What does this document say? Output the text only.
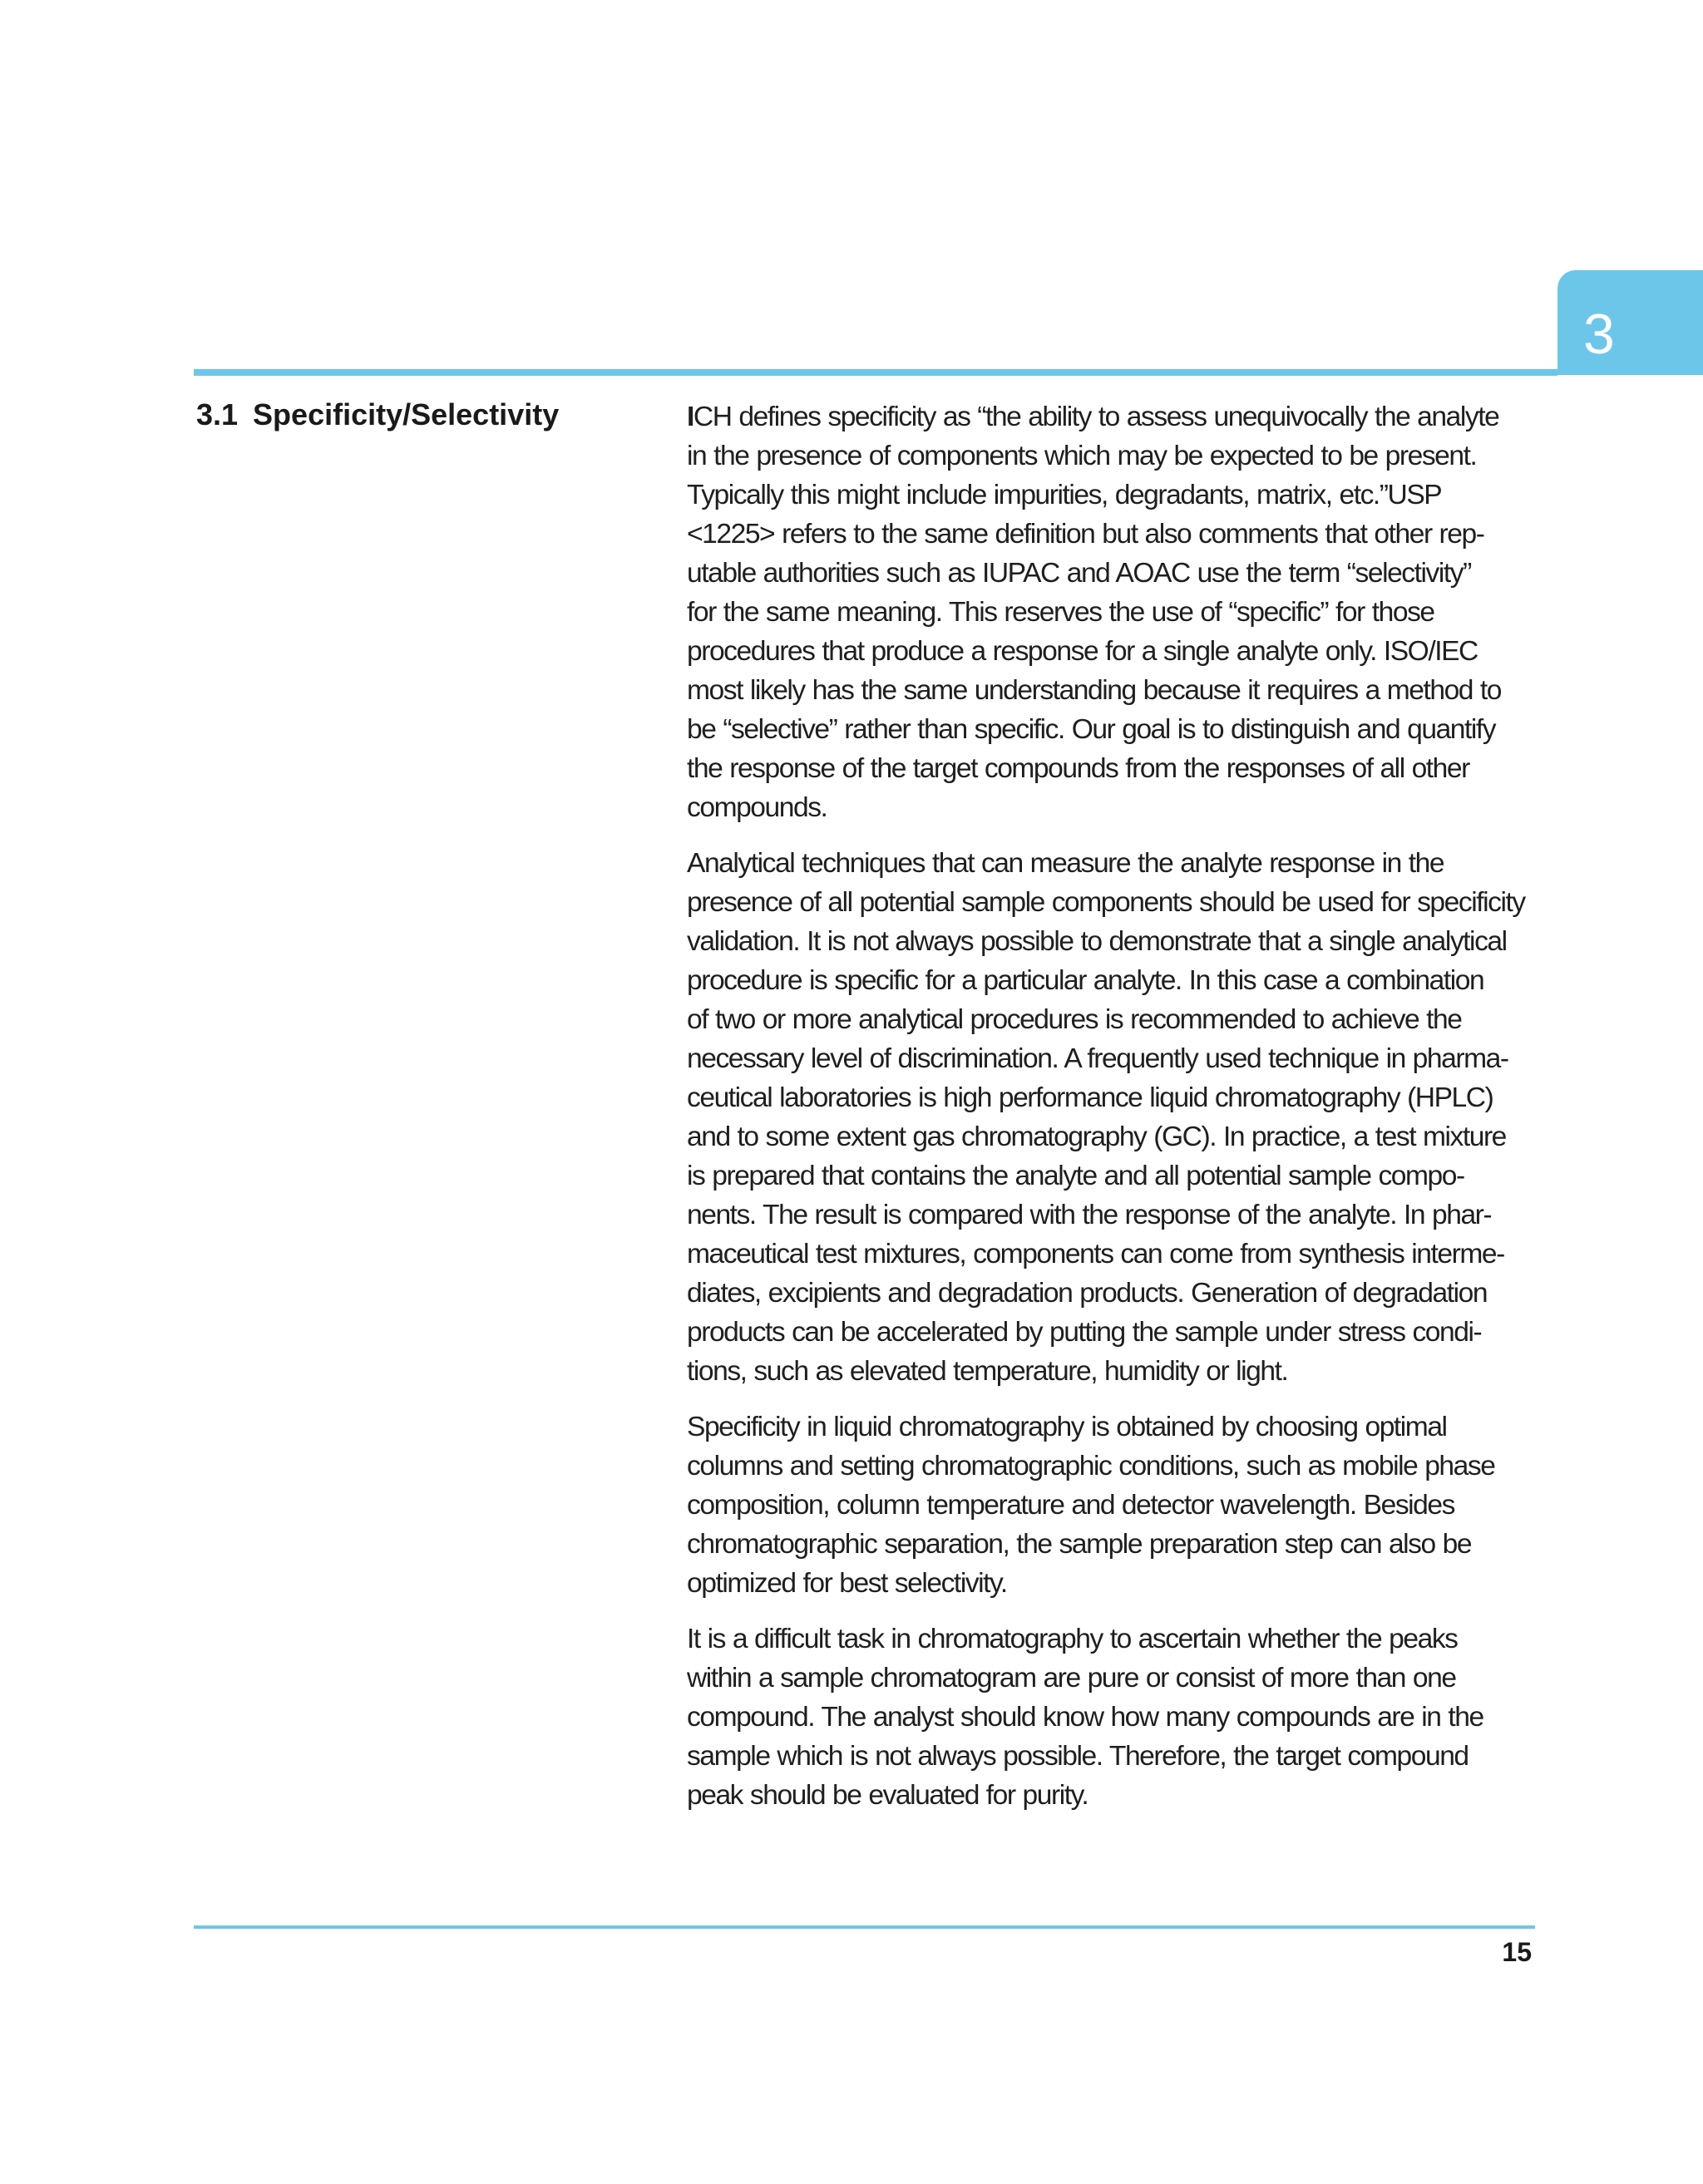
3
3.1 Specificity/Selectivity	ICH defines specificity as “the ability to assess unequivocally the analyte
in the presence of components which may be expected to be present.
Typically this might include impurities, degradants, matrix, etc.”USP
<1225> refers to the same definition but also comments that other rep-
utable authorities such as IUPAC and AOAC use the term “selectivity”
for the same meaning. This reserves the use of “specific” for those
procedures that produce a response for a single analyte only. ISO/IEC
most likely has the same understanding because it requires a method to
be “selective” rather than specific. Our goal is to distinguish and quantify
the response of the target compounds from the responses of all other
compounds.

Analytical techniques that can measure the analyte response in the
presence of all potential sample components should be used for specificity
validation. It is not always possible to demonstrate that a single analytical
procedure is specific for a particular analyte. In this case a combination
of two or more analytical procedures is recommended to achieve the
necessary level of discrimination. A frequently used technique in pharma-
ceutical laboratories is high performance liquid chromatography (HPLC)
and to some extent gas chromatography (GC). In practice, a test mixture
is prepared that contains the analyte and all potential sample compo-
nents. The result is compared with the response of the analyte. In phar-
maceutical test mixtures, components can come from synthesis interme-
diates, excipients and degradation products. Generation of degradation
products can be accelerated by putting the sample under stress condi-
tions, such as elevated temperature, humidity or light.

Specificity in liquid chromatography is obtained by choosing optimal
columns and setting chromatographic conditions, such as mobile phase
composition, column temperature and detector wavelength. Besides
chromatographic separation, the sample preparation step can also be
optimized for best selectivity.

It is a difficult task in chromatography to ascertain whether the peaks
within a sample chromatogram are pure or consist of more than one
compound. The analyst should know how many compounds are in the
sample which is not always possible. Therefore, the target compound
peak should be evaluated for purity.

15
